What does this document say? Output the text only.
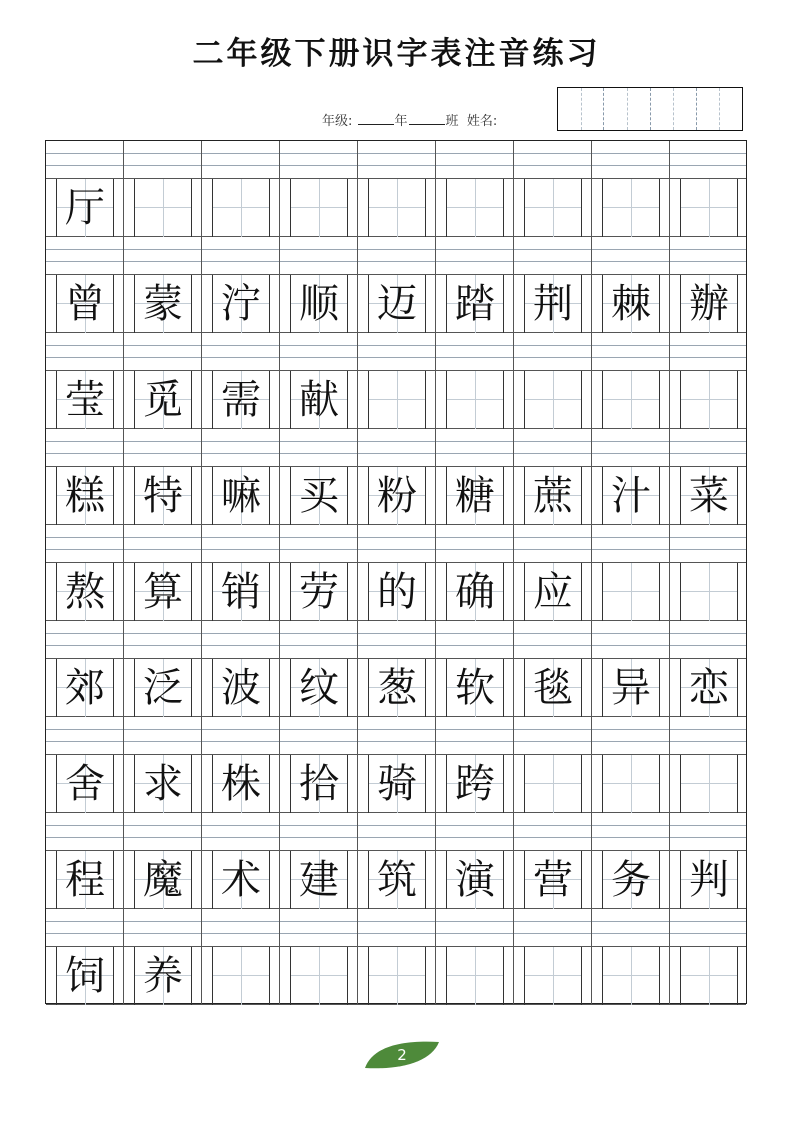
二年级下册识字表注音练习
年级:	年	班 姓名:
厅
曾 蒙 泞 顺 迈 踏 荆 棘 辦
莹 觅 需 献
糕 特 嘛 买 粉 糖 蔗 汁 菜
熬 算 销 劳 的 确 应
郊 泛 波 纹 葱 软 毯 异 恋
舍 求 株 拾 骑 跨
程 魔 术 建 筑 演 营 务 判
饲 养
2
